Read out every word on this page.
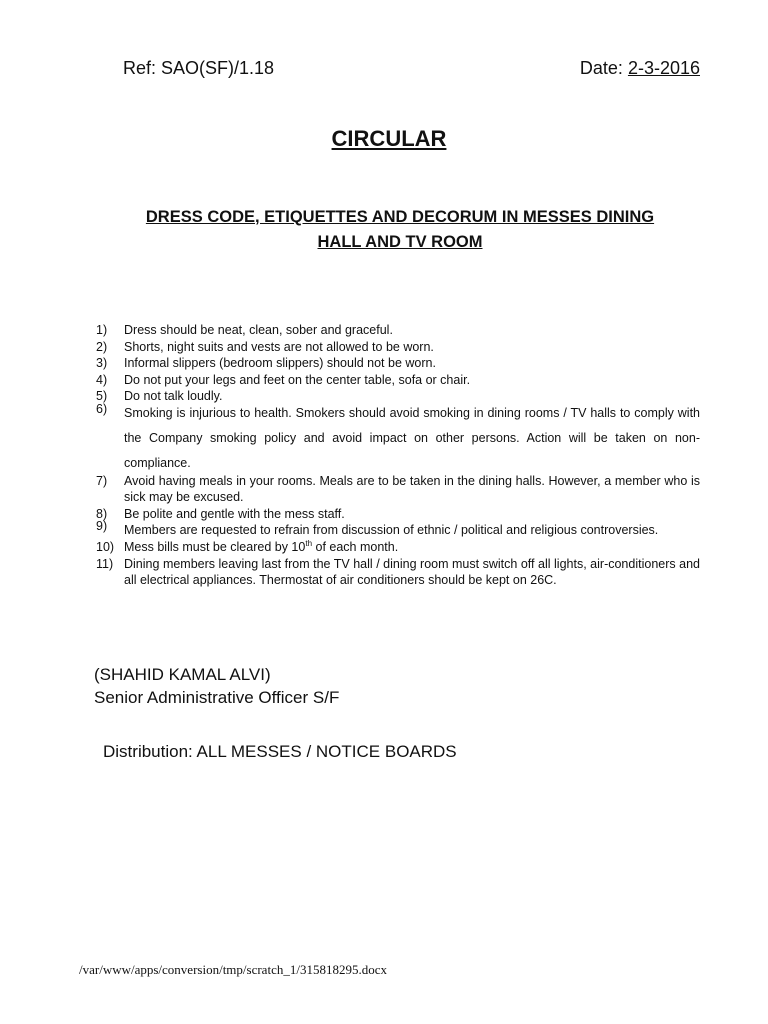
Ref: SAO(SF)/1.18	Date: 2-3-2016
CIRCULAR
DRESS CODE, ETIQUETTES AND DECORUM IN MESSES DINING
HALL AND TV ROOM
1) Dress should be neat, clean, sober and graceful.
2) Shorts, night suits and vests are not allowed to be worn.
3) Informal slippers (bedroom slippers) should not be worn.
4) Do not put your legs and feet on the center table, sofa or chair.
5) Do not talk loudly.
6) Smoking is injurious to health. Smokers should avoid smoking in dining rooms / TV halls to comply with the Company smoking policy and avoid impact on other persons. Action will be taken on non-compliance.
7) Avoid having meals in your rooms. Meals are to be taken in the dining halls. However, a member who is sick may be excused.
8) Be polite and gentle with the mess staff.
9) Members are requested to refrain from discussion of ethnic / political and religious controversies.
10) Mess bills must be cleared by 10th of each month.
11) Dining members leaving last from the TV hall / dining room must switch off all lights, air-conditioners and all electrical appliances. Thermostat of air conditioners should be kept on 26C.
(SHAHID KAMAL ALVI)
Senior Administrative Officer S/F
Distribution: ALL MESSES / NOTICE BOARDS
/var/www/apps/conversion/tmp/scratch_1/315818295.docx
